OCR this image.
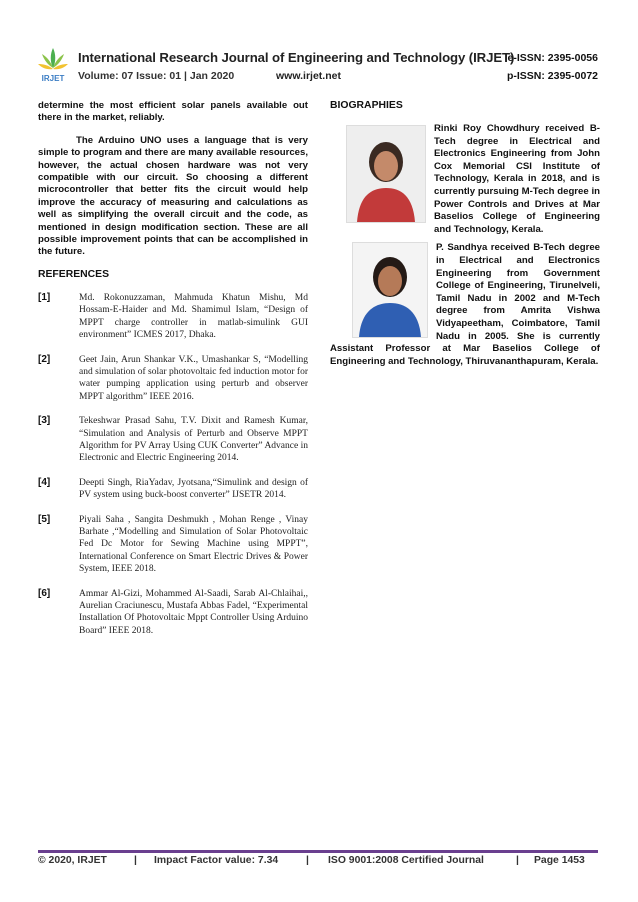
IRJET
International Research Journal of Engineering and Technology (IRJET)
e-ISSN: 2395-0056
Volume: 07 Issue: 01 | Jan 2020	www.irjet.net	p-ISSN: 2395-0072

determine the most efficient solar panels available out there in the market, reliably.

The Arduino UNO uses a language that is very simple to program and there are many available resources, however, the actual chosen hardware was not very compatible with our circuit. So choosing a different microcontroller that better fits the circuit would help improve the accuracy of measuring and calculations as well as simplifying the overall circuit and the code, as mentioned in design modification section. These are all possible improvement points that can be accomplished in the future.

REFERENCES
[1]	Md. Rokonuzzaman, Mahmuda Khatun Mishu, Md Hossam-E-Haider and Md. Shamimul Islam, “Design of MPPT charge controller in matlab-simulink GUI environment” ICMES 2017, Dhaka.
[2]	Geet Jain, Arun Shankar V.K., Umashankar S, “Modelling and simulation of solar photovoltaic fed induction motor for water pumping application using perturb and observer MPPT algorithm” IEEE 2016.
[3]	Tekeshwar Prasad Sahu, T.V. Dixit and Ramesh Kumar, “Simulation and Analysis of Perturb and Observe MPPT Algorithm for PV Array Using CUK Converter” Advance in Electronic and Electric Engineering 2014.
[4]	Deepti Singh, RiaYadav, Jyotsana,“Simulink and design of PV system using buck-boost converter” IJSETR 2014.
[5]	Piyali Saha , Sangita Deshmukh , Mohan Renge , Vinay Barhate ,“Modelling and Simulation of Solar Photovoltaic Fed Dc Motor for Sewing Machine using MPPT”, International Conference on Smart Electric Drives & Power System, IEEE 2018.
[6]	Ammar Al-Gizi, Mohammed Al-Saadi, Sarab Al-Chlaihai,, Aurelian Craciunescu, Mustafa Abbas Fadel, “Experimental Installation Of Photovoltaic Mppt Controller Using Arduino Board” IEEE 2018.
BIOGRAPHIES

Rinki Roy Chowdhury received B-Tech degree in Electrical and Electronics Engineering from John Cox Memorial CSI Institute of Technology, Kerala in 2018, and is currently pursuing M-Tech degree in Power Controls and Drives at Mar Baselios College of Engineering and Technology, Kerala.

P. Sandhya received B-Tech degree in Electrical and Electronics Engineering from Government College of Engineering, Tirunelveli, Tamil Nadu in 2002 and M-Tech degree from Amrita Vishwa Vidyapeetham, Coimbatore, Tamil Nadu in 2005. She is currently Assistant Professor at Mar Baselios College of Engineering and Technology, Thiruvananthapuram, Kerala.

© 2020, IRJET	| Impact Factor value: 7.34	| ISO 9001:2008 Certified Journal	| Page 1453
